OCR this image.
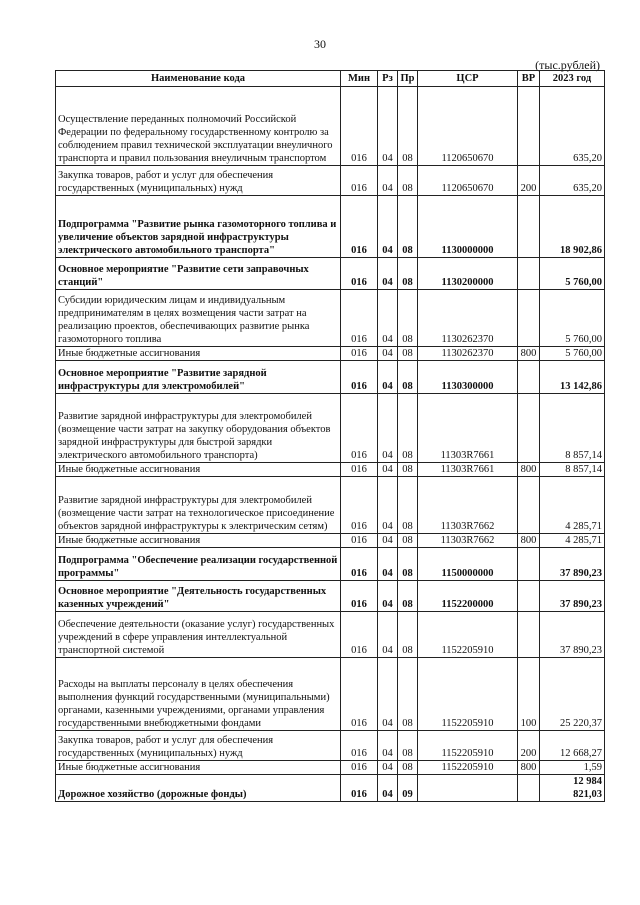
30
(тыс.рублей)
Наименование кода	Мин	Рз	Пр	ЦСР	ВР	2023 год
Осуществление переданных полномочий Российской Федерации по федеральному государственному контролю за соблюдением правил технической эксплуатации внеуличного транспорта и правил пользования внеуличным транспортом	016	04	08	1120650670		635,20
Закупка товаров, работ и услуг для обеспечения государственных (муниципальных) нужд	016	04	08	1120650670	200	635,20
Подпрограмма "Развитие рынка газомоторного топлива и увеличение объектов зарядной инфраструктуры электрического автомобильного транспорта"	016	04	08	1130000000		18 902,86
Основное мероприятие "Развитие сети заправочных станций"	016	04	08	1130200000		5 760,00
Субсидии юридическим лицам и индивидуальным предпринимателям в целях возмещения части затрат на реализацию проектов, обеспечивающих развитие рынка газомоторного топлива	016	04	08	1130262370		5 760,00
Иные бюджетные ассигнования	016	04	08	1130262370	800	5 760,00
Основное мероприятие "Развитие зарядной инфраструктуры для электромобилей"	016	04	08	1130300000		13 142,86
Развитие зарядной инфраструктуры для электромобилей (возмещение части затрат на закупку оборудования объектов зарядной инфраструктуры для быстрой зарядки электрического автомобильного транспорта)	016	04	08	11303R7661		8 857,14
Иные бюджетные ассигнования	016	04	08	11303R7661	800	8 857,14
Развитие зарядной инфраструктуры для электромобилей (возмещение части затрат на технологическое присоединение объектов зарядной инфраструктуры к электрическим сетям)	016	04	08	11303R7662		4 285,71
Иные бюджетные ассигнования	016	04	08	11303R7662	800	4 285,71
Подпрограмма "Обеспечение реализации государственной программы"	016	04	08	1150000000		37 890,23
Основное мероприятие "Деятельность государственных казенных учреждений"	016	04	08	1152200000		37 890,23
Обеспечение деятельности (оказание услуг) государственных учреждений в сфере управления интеллектуальной транспортной системой	016	04	08	1152205910		37 890,23
Расходы на выплаты персоналу в целях обеспечения выполнения функций государственными (муниципальными) органами, казенными учреждениями, органами управления государственными внебюджетными фондами	016	04	08	1152205910	100	25 220,37
Закупка товаров, работ и услуг для обеспечения государственных (муниципальных) нужд	016	04	08	1152205910	200	12 668,27
Иные бюджетные ассигнования	016	04	08	1152205910	800	1,59
Дорожное хозяйство (дорожные фонды)	016	04	09			12 984 821,03
